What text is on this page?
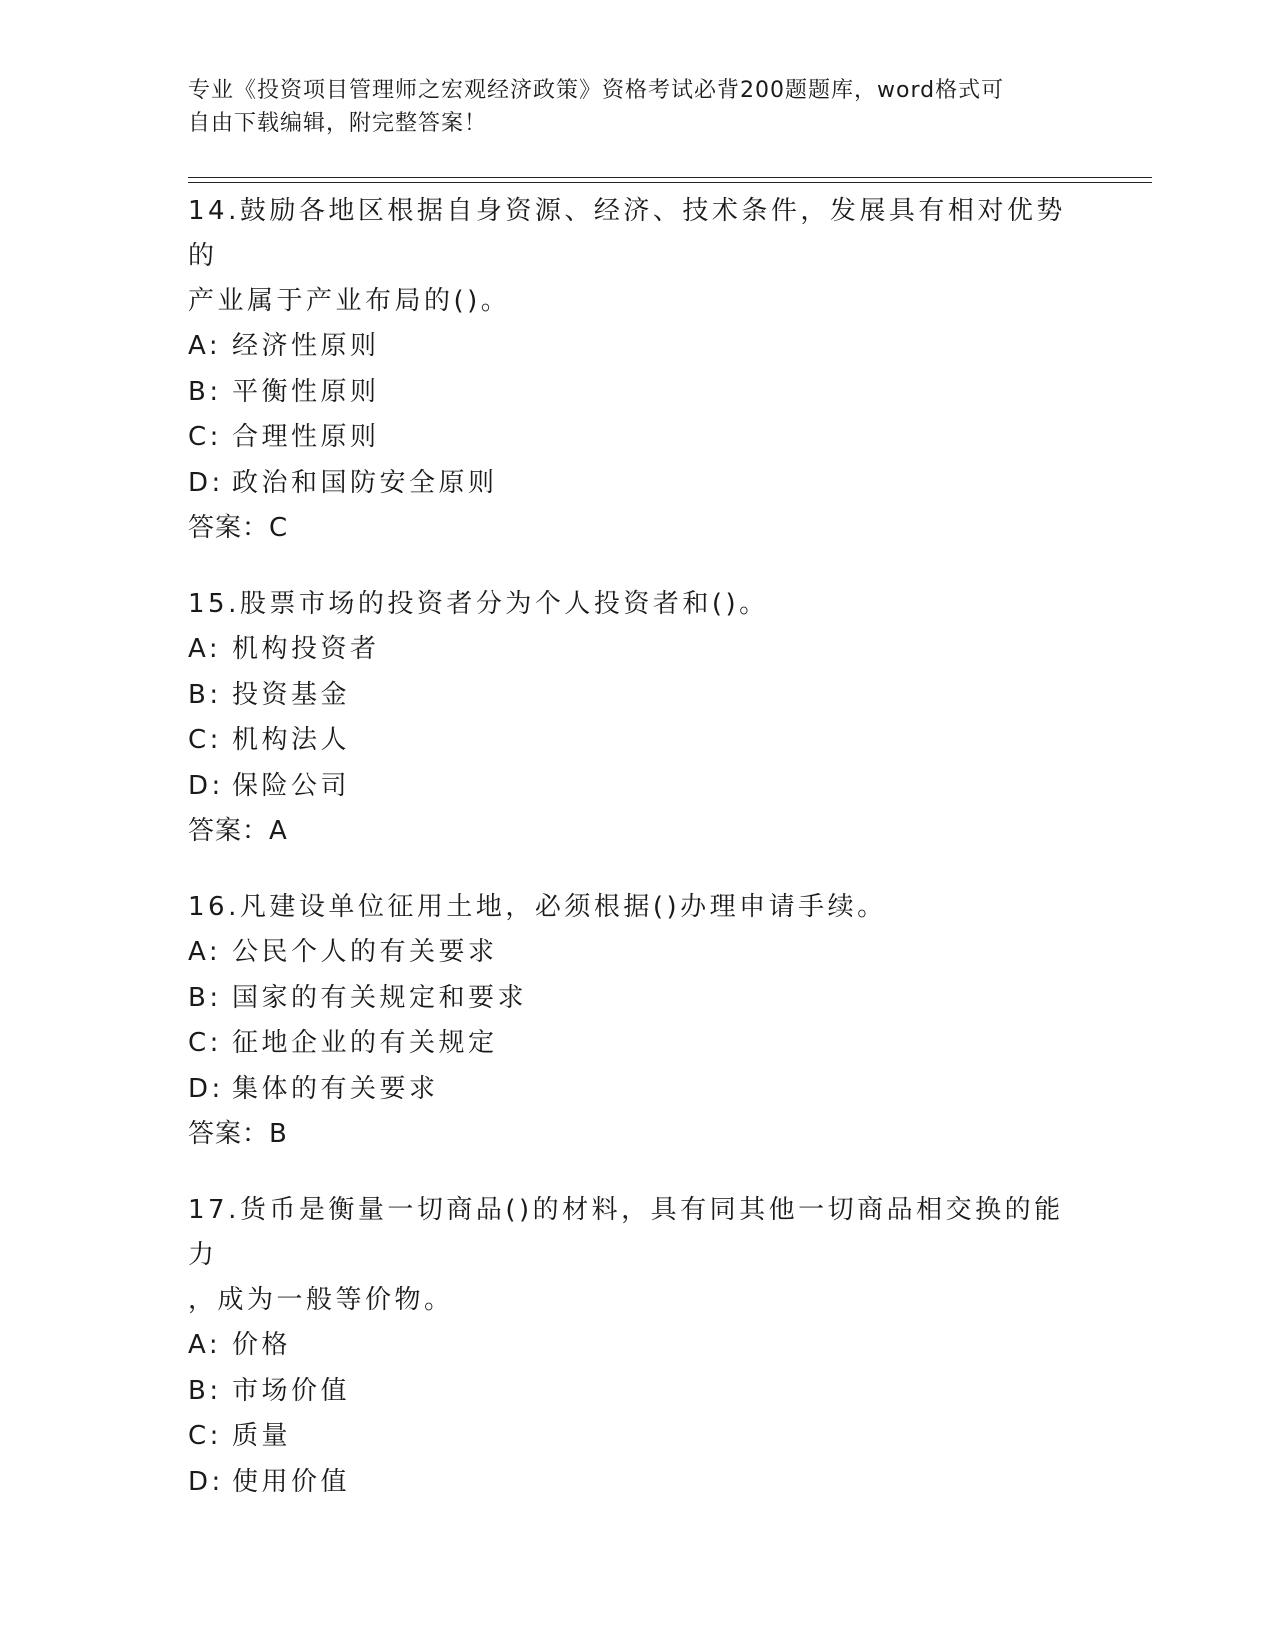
专业《投资项目管理师之宏观经济政策》资格考试必背200题题库，word格式可
自由下载编辑，附完整答案！
14.鼓励各地区根据自身资源、经济、技术条件，发展具有相对优势的
产业属于产业布局的()。
A: 经济性原则
B: 平衡性原则
C: 合理性原则
D: 政治和国防安全原则
答案：C
15.股票市场的投资者分为个人投资者和()。
A: 机构投资者
B: 投资基金
C: 机构法人
D: 保险公司
答案：A
16.凡建设单位征用土地，必须根据()办理申请手续。
A: 公民个人的有关要求
B: 国家的有关规定和要求
C: 征地企业的有关规定
D: 集体的有关要求
答案：B
17.货币是衡量一切商品()的材料，具有同其他一切商品相交换的能力
，成为一般等价物。
A: 价格
B: 市场价值
C: 质量
D: 使用价值
